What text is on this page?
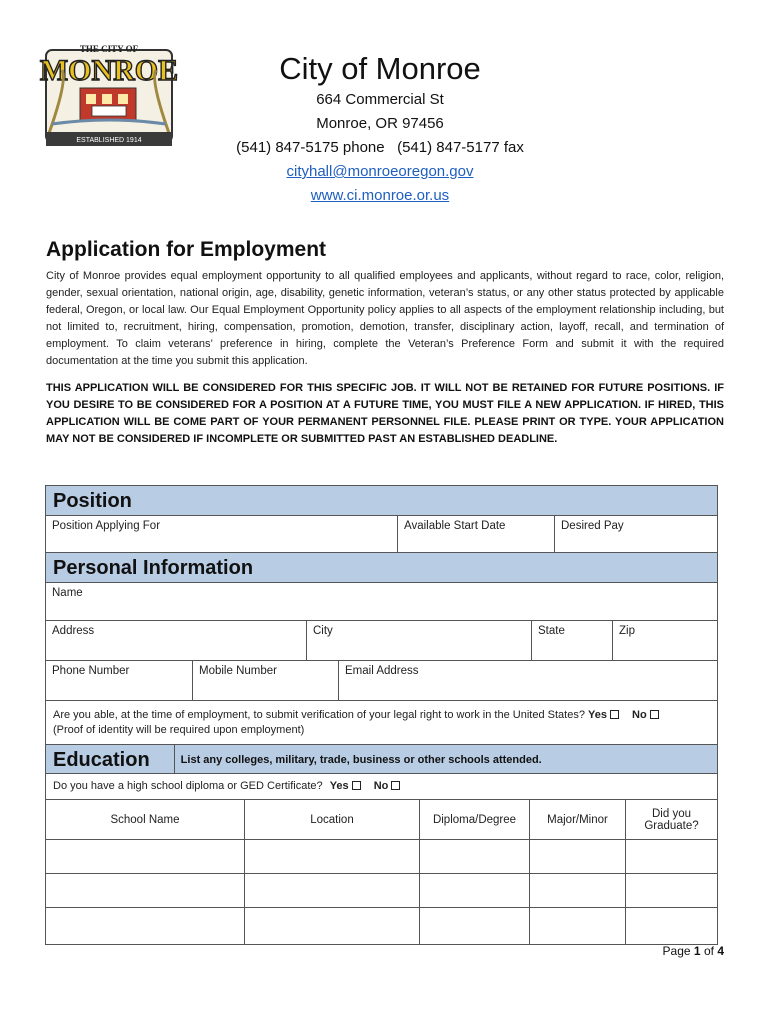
THE CITY OF
MONROE
ESTABLISHED 1914
City of Monroe
664 Commercial St
Monroe, OR 97456
(541) 847-5175 phone   (541) 847-5177 fax
cityhall@monroeoregon.gov
www.ci.monroe.or.us
Application for Employment
City of Monroe provides equal employment opportunity to all qualified employees and applicants, without regard to race, color, religion, gender, sexual orientation, national origin, age, disability, genetic information, veteran’s status, or any other status protected by applicable federal, Oregon, or local law. Our Equal Employment Opportunity policy applies to all aspects of the employment relationship including, but not limited to, recruitment, hiring, compensation, promotion, demotion, transfer, disciplinary action, layoff, recall, and termination of employment. To claim veterans’ preference in hiring, complete the Veteran’s Preference Form and submit it with the required documentation at the time you submit this application.
THIS APPLICATION WILL BE CONSIDERED FOR THIS SPECIFIC JOB. IT WILL NOT BE RETAINED FOR FUTURE POSITIONS. IF YOU DESIRE TO BE CONSIDERED FOR A POSITION AT A FUTURE TIME, YOU MUST FILE A NEW APPLICATION. IF HIRED, THIS APPLICATION WILL BE COME PART OF YOUR PERMANENT PERSONNEL FILE. PLEASE PRINT OR TYPE. YOUR APPLICATION MAY NOT BE CONSIDERED IF INCOMPLETE OR SUBMITTED PAST AN ESTABLISHED DEADLINE.
Position
Position Applying For	Available Start Date	Desired Pay
Personal Information
Name
Address	City	State	Zip
Phone Number	Mobile Number	Email Address
Are you able, at the time of employment, to submit verification of your legal right to work in the United States? Yes No
(Proof of identity will be required upon employment)
Education	List any colleges, military, trade, business or other schools attended.
Do you have a high school diploma or GED Certificate? Yes No
School Name	Location	Diploma/Degree	Major/Minor	Did you Graduate?
Page 1 of 4
